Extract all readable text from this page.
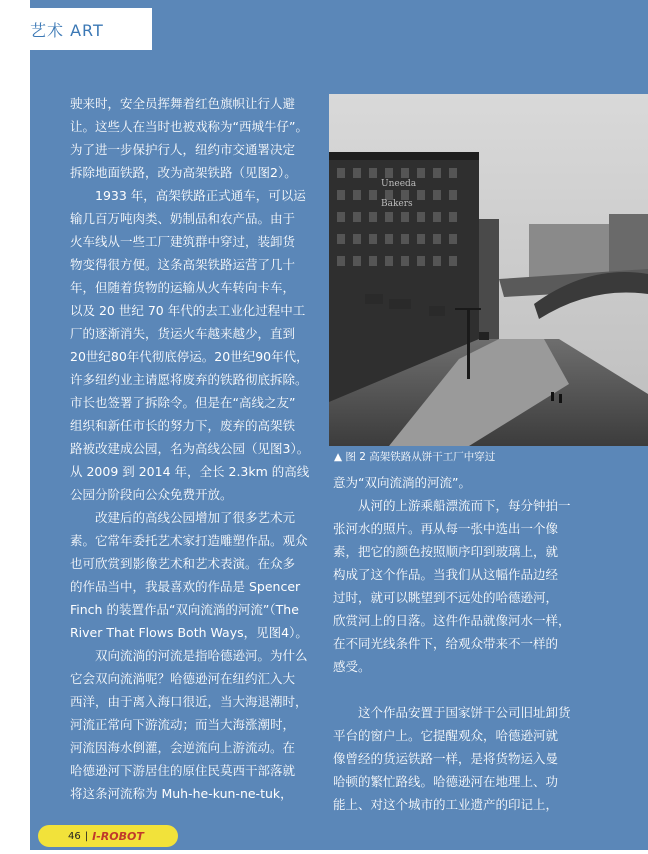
艺术 ART

驶来时，安全员挥舞着红色旗帜让行人避

让。这些人在当时也被戏称为“西城牛仔”。

为了进一步保护行人，纽约市交通署决定

拆除地面铁路，改为高架铁路（见图2）。

　　1933 年，高架铁路正式通车，可以运

输几百万吨肉类、奶制品和农产品。由于

火车线从一些工厂建筑群中穿过，装卸货

物变得很方便。这条高架铁路运营了几十

年，但随着货物的运输从火车转向卡车，

以及 20 世纪 70 年代的去工业化过程中工

厂的逐渐消失，货运火车越来越少，直到

20世纪80年代彻底停运。20世纪90年代，

许多纽约业主请愿将废弃的铁路彻底拆除。

市长也签署了拆除令。但是在“高线之友”

组织和新任市长的努力下，废弃的高架铁

路被改建成公园，名为高线公园（见图3）。

从 2009 到 2014 年，全长 2.3km 的高线

公园分阶段向公众免费开放。

　　改建后的高线公园增加了很多艺术元

素。它常年委托艺术家打造雕塑作品。观众

也可欣赏到影像艺术和艺术表演。在众多

的作品当中，我最喜欢的作品是 Spencer

Finch 的装置作品“双向流淌的河流”（The

River That Flows Both Ways，见图4）。

　　双向流淌的河流是指哈德逊河。为什么

它会双向流淌呢？哈德逊河在纽约汇入大

西洋，由于离入海口很近，当大海退潮时，

河流正常向下游流动；而当大海涨潮时，

河流因海水倒灌，会逆流向上游流动。在

哈德逊河下游居住的原住民莫西干部落就

将这条河流称为 Muh-he-kun-ne-tuk，

Uneeda
Bakers
▲ 图 2 高架铁路从饼干工厂中穿过

意为“双向流淌的河流”。

　　从河的上游乘船漂流而下，每分钟拍一

张河水的照片。再从每一张中选出一个像

素，把它的颜色按照顺序印到玻璃上，就

构成了这个作品。当我们从这幅作品边经

过时，就可以眺望到不远处的哈德逊河，

欣赏河上的日落。这件作品就像河水一样，

在不同光线条件下，给观众带来不一样的

感受。

　　这个作品安置于国家饼干公司旧址卸货

平台的窗户上。它提醒观众，哈德逊河就

像曾经的货运铁路一样，是将货物运入曼

哈顿的繁忙路线。哈德逊河在地理上、功

能上、对这个城市的工业遗产的印记上，

46 | I-ROBOT
